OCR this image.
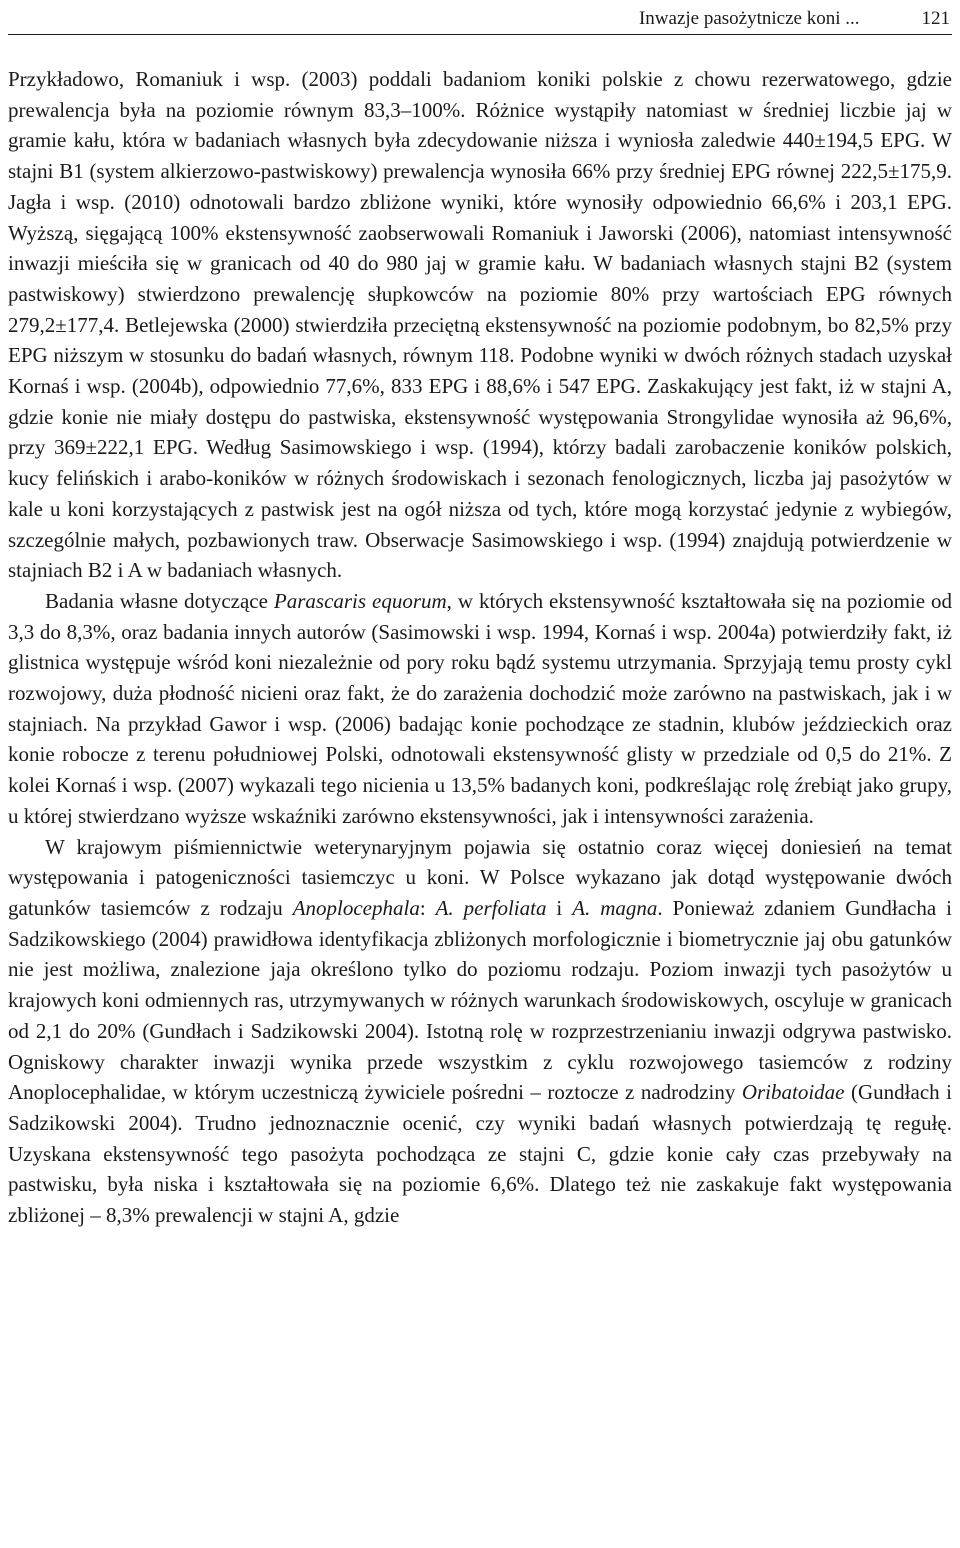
Inwazje pasożytnicze koni ...	121

Przykładowo, Romaniuk i wsp. (2003) poddali badaniom koniki polskie z chowu rezerwatowego, gdzie prewalencja była na poziomie równym 83,3–100%. Różnice wystąpiły natomiast w średniej liczbie jaj w gramie kału, która w badaniach własnych była zdecydowanie niższa i wyniosła zaledwie 440±194,5 EPG. W stajni B1 (system alkierzowo-pastwiskowy) prewalencja wynosiła 66% przy średniej EPG równej 222,5±175,9. Jagła i wsp. (2010) odnotowali bardzo zbliżone wyniki, które wynosiły odpowiednio 66,6% i 203,1 EPG. Wyższą, sięgającą 100% ekstensywność zaobserwowali Romaniuk i Jaworski (2006), natomiast intensywność inwazji mieściła się w granicach od 40 do 980 jaj w gramie kału. W badaniach własnych stajni B2 (system pastwiskowy) stwierdzono prewalencję słupkowców na poziomie 80% przy wartościach EPG równych 279,2±177,4. Betlejewska (2000) stwierdziła przeciętną ekstensywność na poziomie podobnym, bo 82,5% przy EPG niższym w stosunku do badań własnych, równym 118. Podobne wyniki w dwóch różnych stadach uzyskał Kornaś i wsp. (2004b), odpowiednio 77,6%, 833 EPG i 88,6% i 547 EPG. Zaskakujący jest fakt, iż w stajni A, gdzie konie nie miały dostępu do pastwiska, ekstensywność występowania Strongylidae wynosiła aż 96,6%, przy 369±222,1 EPG. Według Sasimowskiego i wsp. (1994), którzy badali zarobaczenie koników polskich, kucy felińskich i arabo-koników w różnych środowiskach i sezonach fenologicznych, liczba jaj pasożytów w kale u koni korzystających z pastwisk jest na ogół niższa od tych, które mogą korzystać jedynie z wybiegów, szczególnie małych, pozbawionych traw. Obserwacje Sasimowskiego i wsp. (1994) znajdują potwierdzenie w stajniach B2 i A w badaniach własnych.

Badania własne dotyczące Parascaris equorum, w których ekstensywność kształtowała się na poziomie od 3,3 do 8,3%, oraz badania innych autorów (Sasimowski i wsp. 1994, Kornaś i wsp. 2004a) potwierdziły fakt, iż glistnica występuje wśród koni niezależnie od pory roku bądź systemu utrzymania. Sprzyjają temu prosty cykl rozwojowy, duża płodność nicieni oraz fakt, że do zarażenia dochodzić może zarówno na pastwiskach, jak i w stajniach. Na przykład Gawor i wsp. (2006) badając konie pochodzące ze stadnin, klubów jeździeckich oraz konie robocze z terenu południowej Polski, odnotowali ekstensywność glisty w przedziale od 0,5 do 21%. Z kolei Kornaś i wsp. (2007) wykazali tego nicienia u 13,5% badanych koni, podkreślając rolę źrebiąt jako grupy, u której stwierdzano wyższe wskaźniki zarówno ekstensywności, jak i intensywności zarażenia.

W krajowym piśmiennictwie weterynaryjnym pojawia się ostatnio coraz więcej doniesień na temat występowania i patogeniczności tasiemczyc u koni. W Polsce wykazano jak dotąd występowanie dwóch gatunków tasiemców z rodzaju Anoplocephala: A. perfoliata i A. magna. Ponieważ zdaniem Gundłacha i Sadzikowskiego (2004) prawidłowa identyfikacja zbliżonych morfologicznie i biometrycznie jaj obu gatunków nie jest możliwa, znalezione jaja określono tylko do poziomu rodzaju. Poziom inwazji tych pasożytów u krajowych koni odmiennych ras, utrzymywanych w różnych warunkach środowiskowych, oscyluje w granicach od 2,1 do 20% (Gundłach i Sadzikowski 2004). Istotną rolę w rozprzestrzenianiu inwazji odgrywa pastwisko. Ogniskowy charakter inwazji wynika przede wszystkim z cyklu rozwojowego tasiemców z rodziny Anoplocephalidae, w którym uczestniczą żywiciele pośredni – roztocze z nadrodziny Oribatoidae (Gundłach i Sadzikowski 2004). Trudno jednoznacznie ocenić, czy wyniki badań własnych potwierdzają tę regułę. Uzyskana ekstensywność tego pasożyta pochodząca ze stajni C, gdzie konie cały czas przebywały na pastwisku, była niska i kształtowała się na poziomie 6,6%. Dlatego też nie zaskakuje fakt występowania zbliżonej – 8,3% prewalencji w stajni A, gdzie
